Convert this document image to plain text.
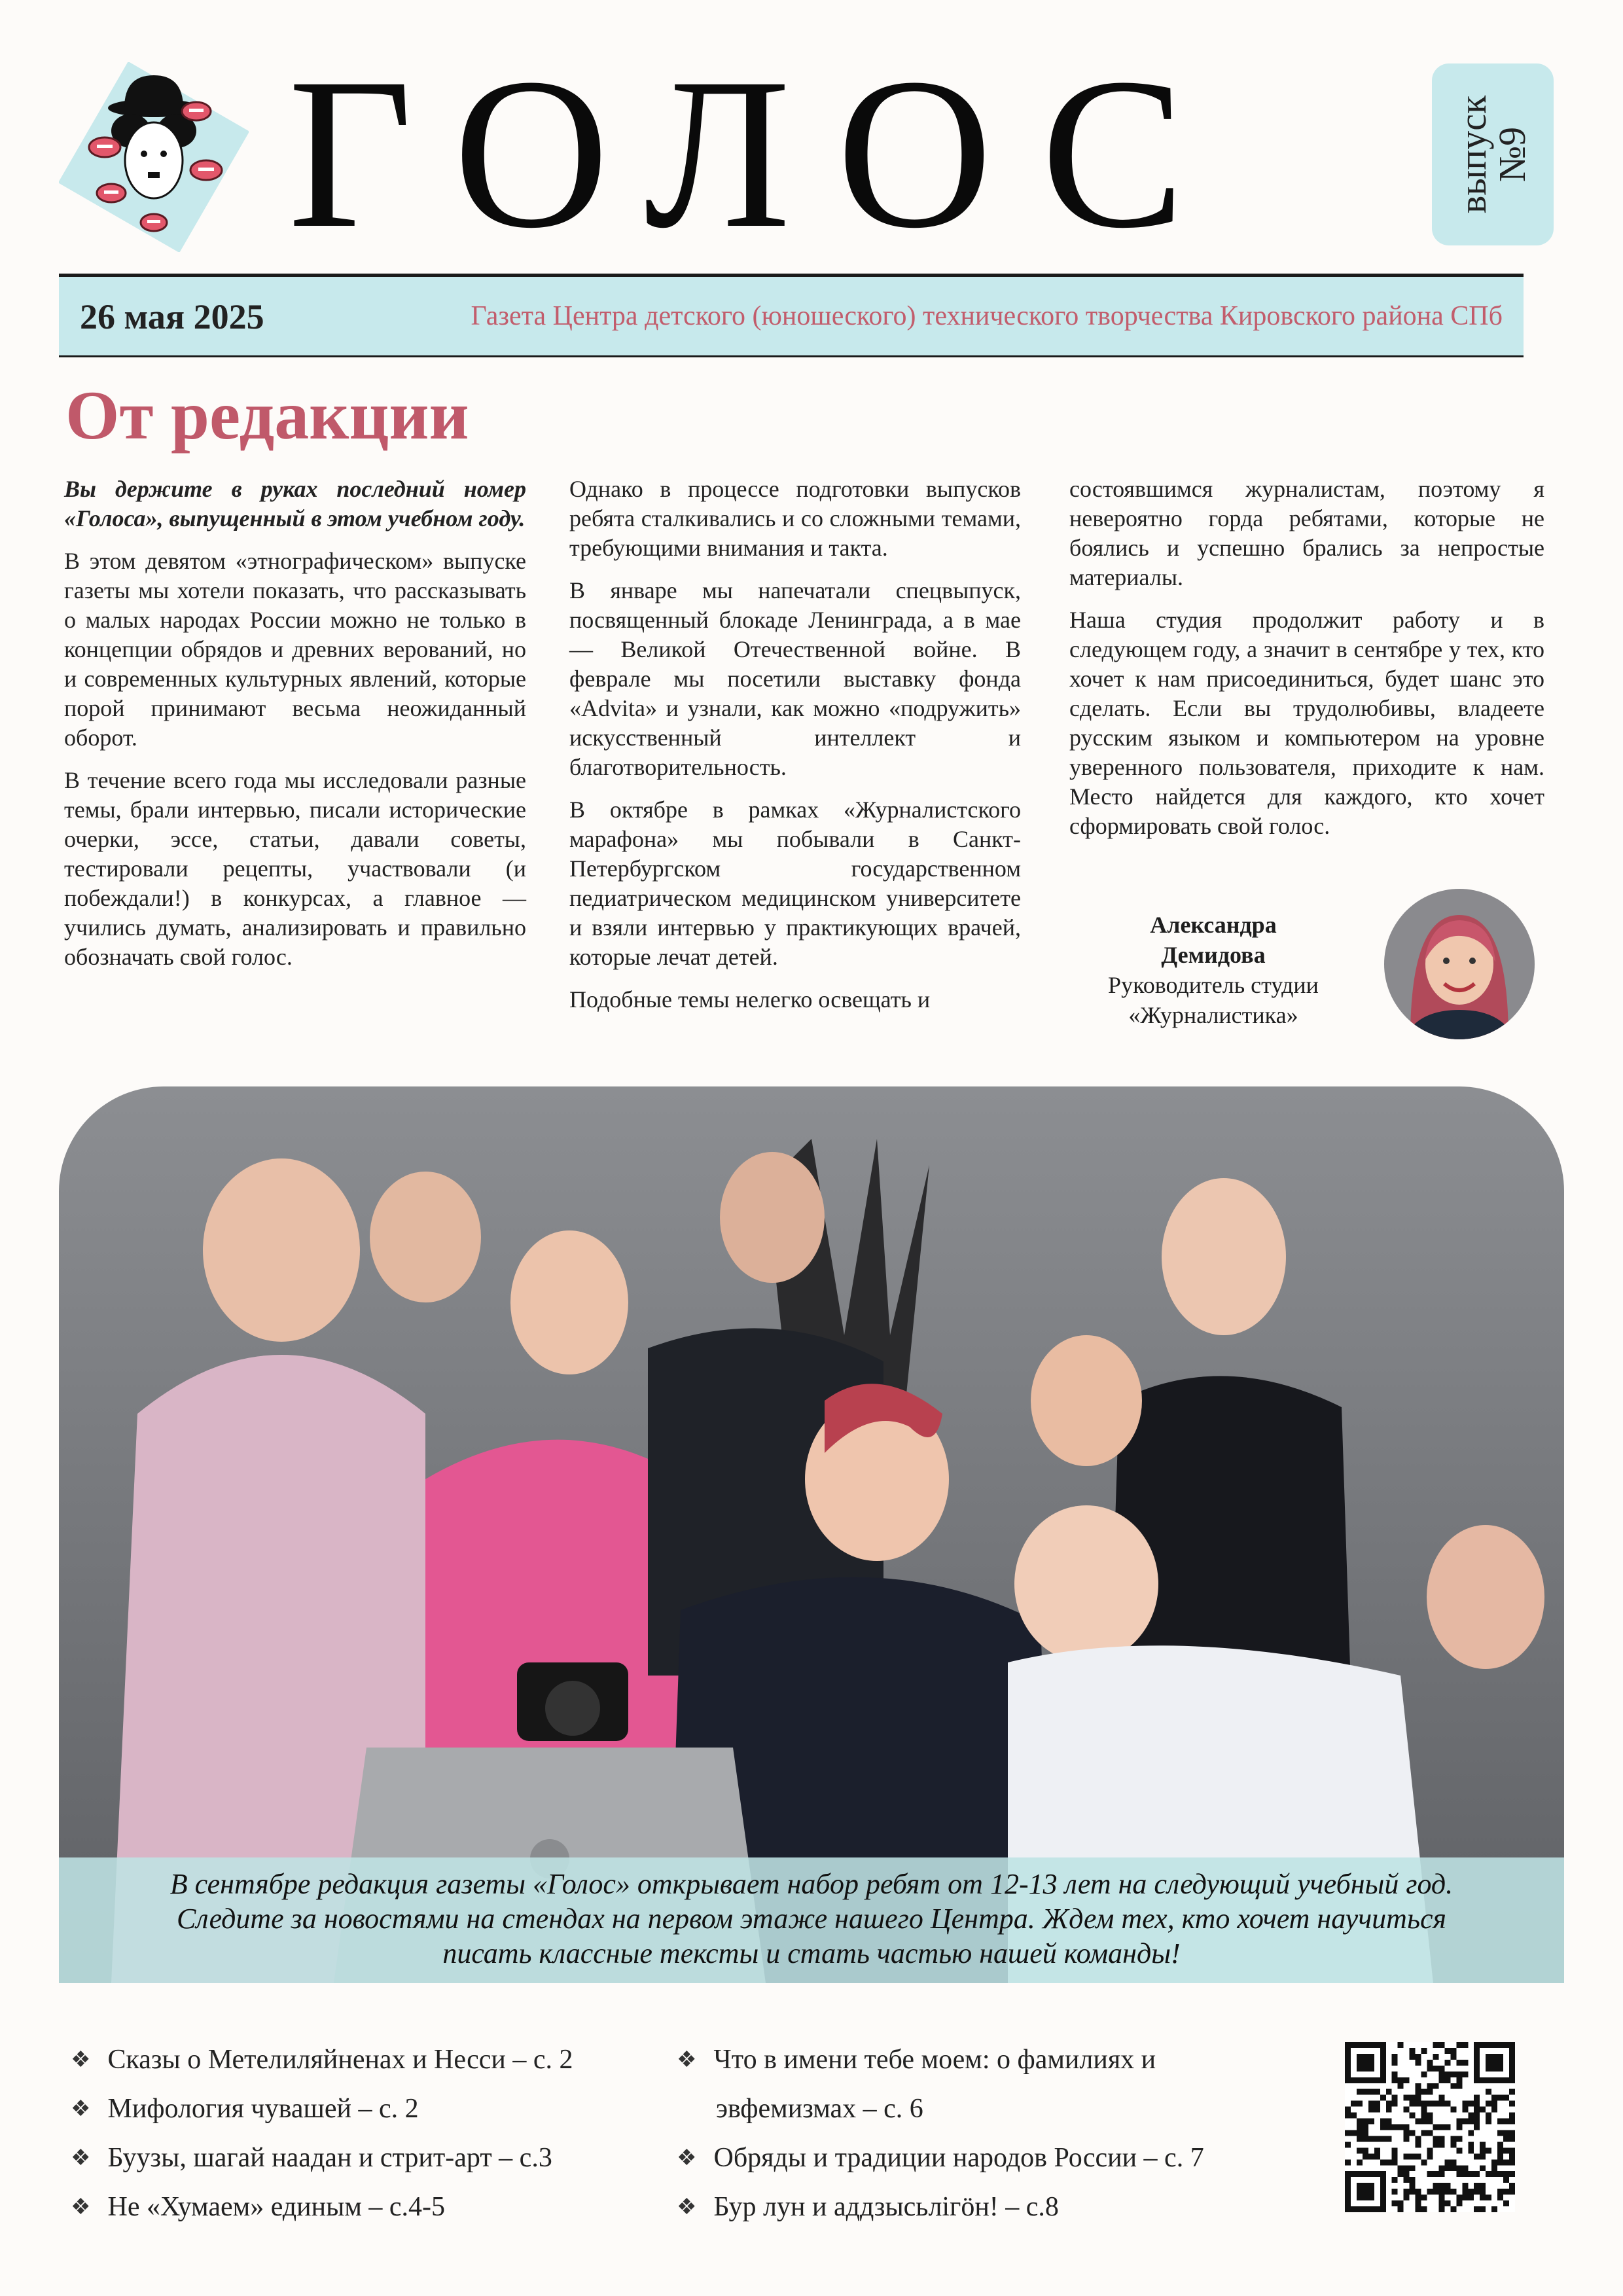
ГОЛОС	выпуск
№9
26 мая 2025	Газета Центра детского (юношеского) технического творчества Кировского района СПб
От редакции

Вы держите в руках последний номер «Голоса», выпущенный в этом учебном году.

В этом девятом «этнографическом» выпуске газеты мы хотели показать, что рассказывать о малых народах России можно не только в концепции обрядов и древних верований, но и современных культурных явлений, которые порой принимают весьма неожиданный оборот.

В течение всего года мы исследовали разные темы, брали интервью, писали исторические очерки, эссе, статьи, давали советы, тестировали рецепты, участвовали (и побеждали!) в конкурсах, а главное — учились думать, анализировать и правильно обозначать свой голос.

Однако в процессе подготовки выпусков ребята сталкивались и со сложными темами, требующими внимания и такта.

В январе мы напечатали спецвыпуск, посвященный блокаде Ленинграда, а в мае — Великой Отечественной войне. В феврале мы посетили выставку фонда «Advita» и узнали, как можно «подружить» искусственный интеллект и благотворительность.

В октябре в рамках «Журналистского марафона» мы побывали в Санкт-Петербургском государственном педиатрическом медицинском университете и взяли интервью у практикующих врачей, которые лечат детей.

Подобные темы нелегко освещать и

состоявшимся журналистам, поэтому я невероятно горда ребятами, которые не боялись и успешно брались за непростые материалы.

Наша студия продолжит работу и в следующем году, а значит в сентябре у тех, кто хочет к нам присоединиться, будет шанс это сделать. Если вы трудолюбивы, владеете русским языком и компьютером на уровне уверенного пользователя, приходите к нам. Место найдется для каждого, кто хочет сформировать свой голос.

Александра
Демидова
Руководитель студии
«Журналистика»
В сентябре редакция газеты «Голос» открывает набор ребят от 12-13 лет на следующий учебный год.
Следите за новостями на стендах на первом этаже нашего Центра. Ждем тех, кто хочет научиться
писать классные тексты и стать частью нашей команды!
❖ Сказы о Метелиляйненах и Несси – с. 2
❖ Мифология чувашей – с. 2
❖ Буузы, шагай наадан и стрит-арт – с.3
❖ Не «Хумаем» единым – с.4-5
❖ Что в имени тебе моем: о фамилиях и
эвфемизмах – с. 6
❖ Обряды и традиции народов России – с. 7
❖ Бур лун и аддзысьлiгӧн! – с.8
